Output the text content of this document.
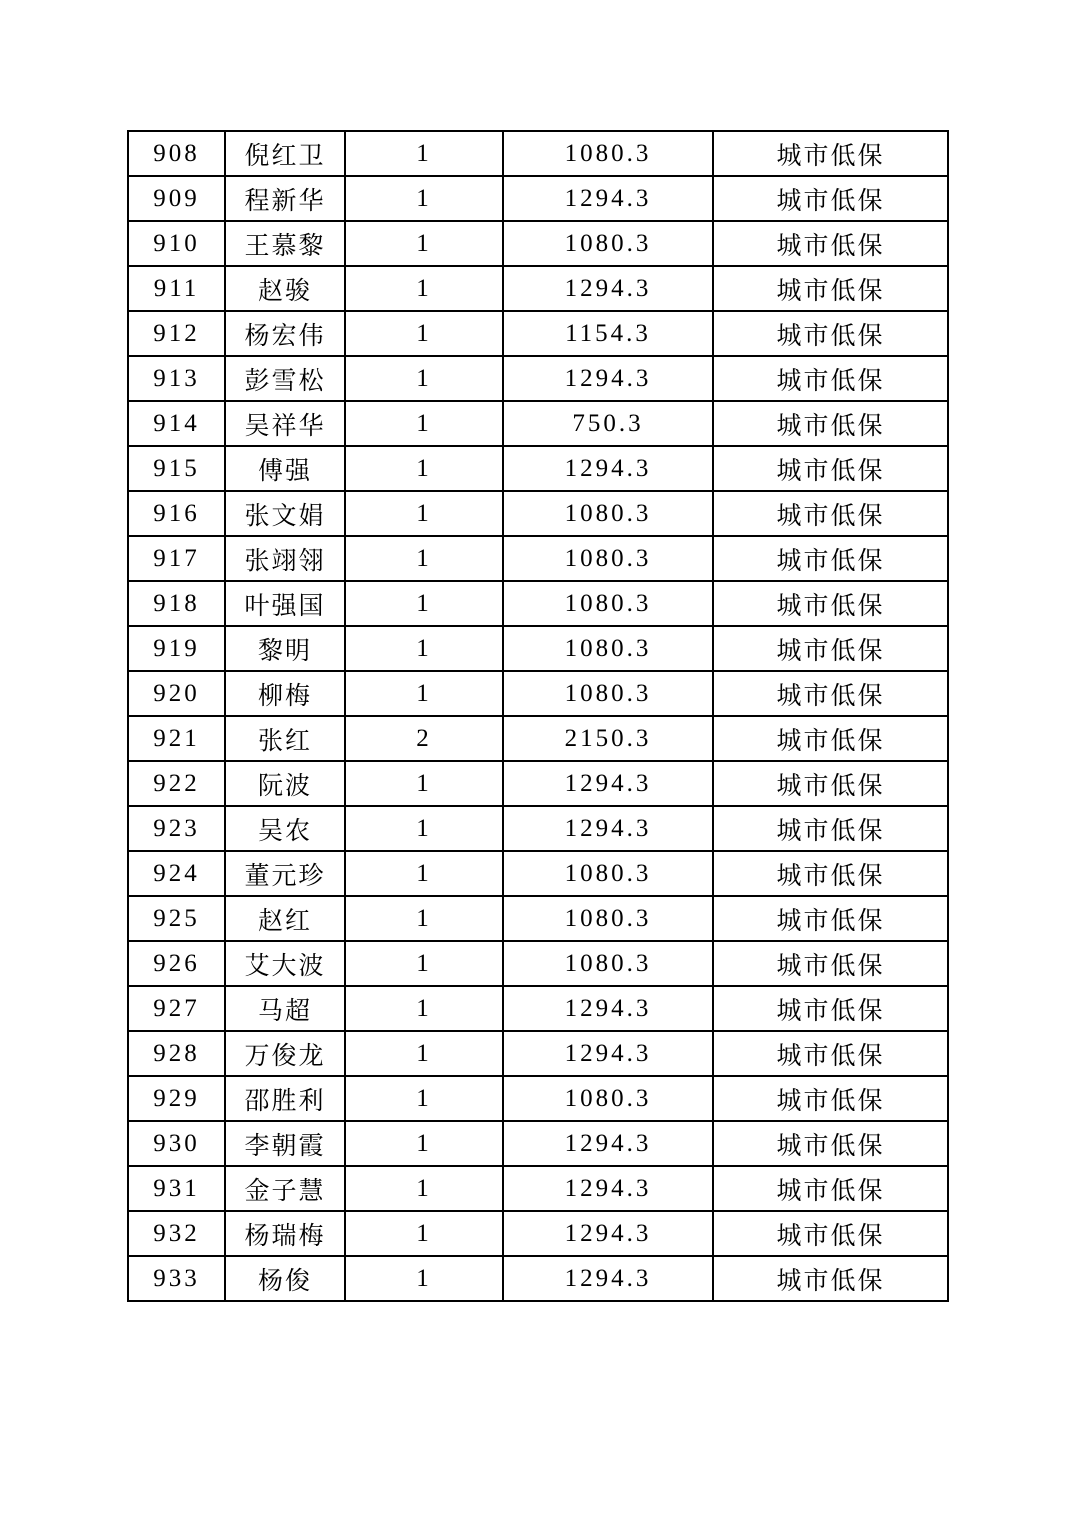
908	倪红卫	1	1080.3	城市低保
909	程新华	1	1294.3	城市低保
910	王慕黎	1	1080.3	城市低保
911	赵骏	1	1294.3	城市低保
912	杨宏伟	1	1154.3	城市低保
913	彭雪松	1	1294.3	城市低保
914	吴祥华	1	750.3	城市低保
915	傅强	1	1294.3	城市低保
916	张文娟	1	1080.3	城市低保
917	张翊翎	1	1080.3	城市低保
918	叶强国	1	1080.3	城市低保
919	黎明	1	1080.3	城市低保
920	柳梅	1	1080.3	城市低保
921	张红	2	2150.3	城市低保
922	阮波	1	1294.3	城市低保
923	吴农	1	1294.3	城市低保
924	董元珍	1	1080.3	城市低保
925	赵红	1	1080.3	城市低保
926	艾大波	1	1080.3	城市低保
927	马超	1	1294.3	城市低保
928	万俊龙	1	1294.3	城市低保
929	邵胜利	1	1080.3	城市低保
930	李朝霞	1	1294.3	城市低保
931	金子慧	1	1294.3	城市低保
932	杨瑞梅	1	1294.3	城市低保
933	杨俊	1	1294.3	城市低保
